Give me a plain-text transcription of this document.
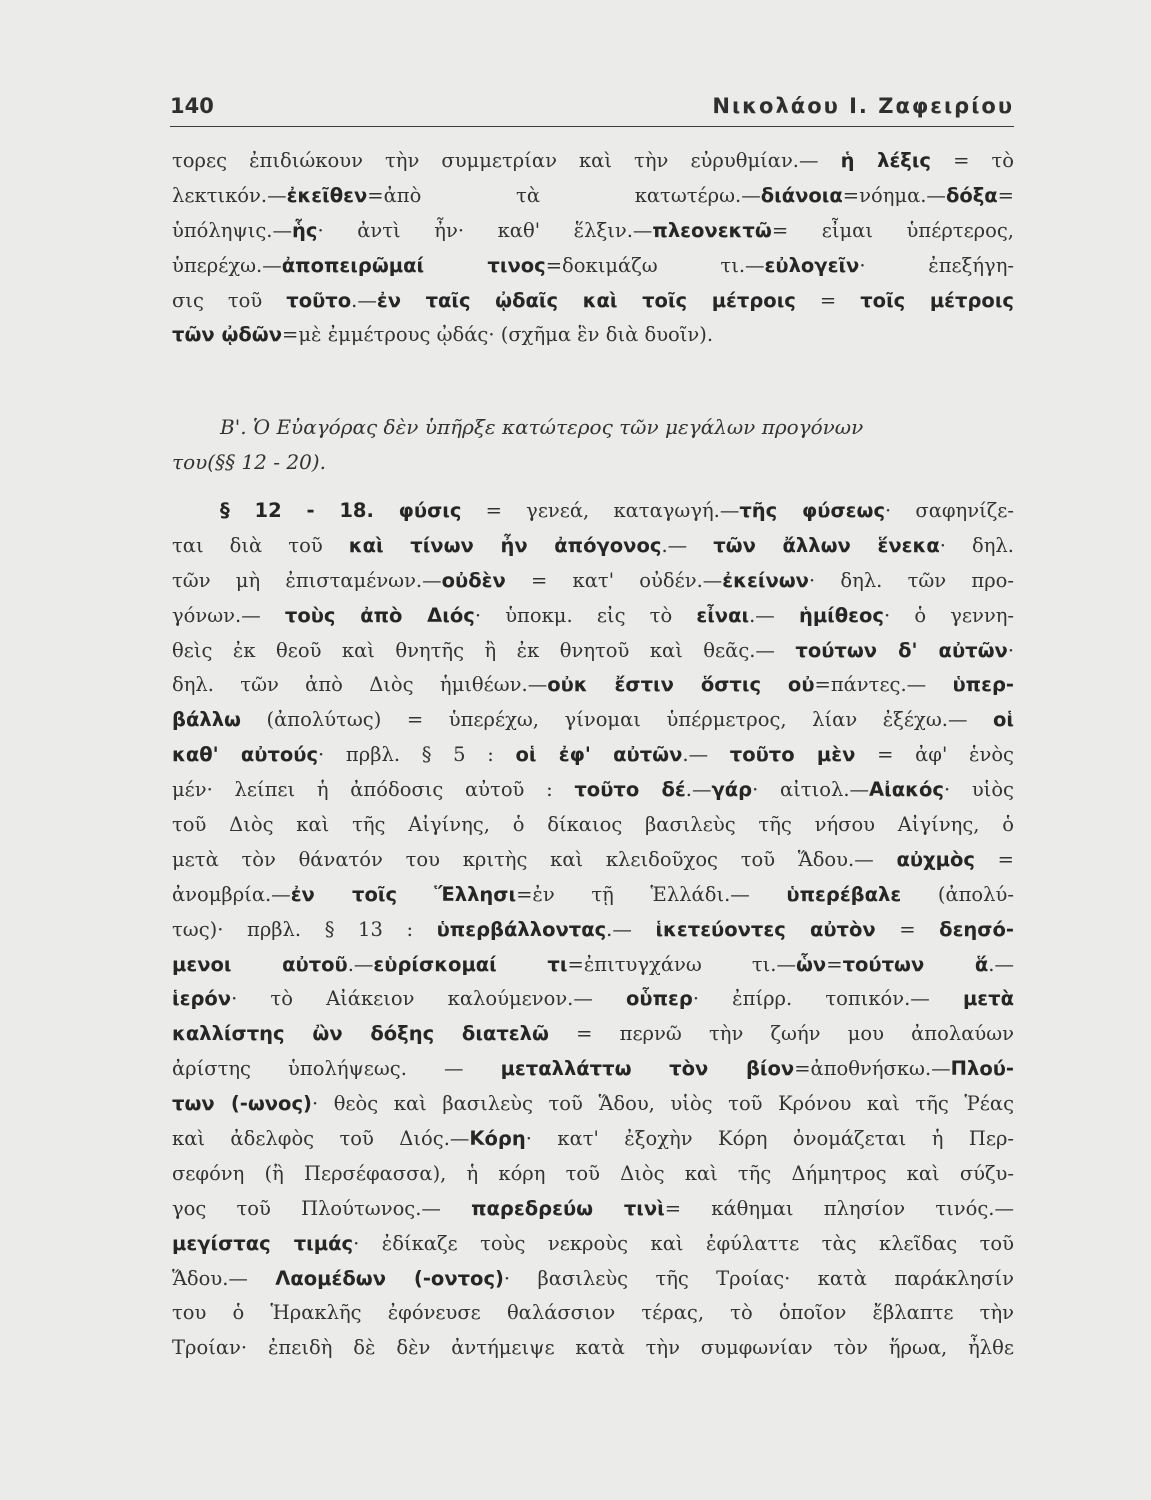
140	Νικολάου Ι. Ζαφειρίου
τορες ἐπιδιώκουν τὴν συμμετρίαν καὶ τὴν εὐρυθμίαν.— ἡ λέξις = τὸ
λεκτικόν.—ἐκεῖθεν=ἀπὸ τὰ κατωτέρω.—διάνοια=νόημα.—δόξα=
ὑπόληψις.—ἧς· ἀντὶ ἦν· καθ' ἕλξιν.—πλεονεκτῶ= εἶμαι ὑπέρτερος,
ὑπερέχω.—ἀποπειρῶμαί τινος=δοκιμάζω τι.—εὐλογεῖν· ἐπεξήγη-
σις τοῦ τοῦτο.—ἐν ταῖς ᾠδαῖς καὶ τοῖς μέτροις = τοῖς μέτροις
τῶν ᾠδῶν=μὲ ἐμμέτρους ᾠδάς· (σχῆμα ἓν διὰ δυοῖν).
Β'. Ὁ Εὐαγόρας δὲν ὑπῆρξε κατώτερος τῶν μεγάλων προγόνων
του(§§ 12 - 20).
§ 12 - 18. φύσις = γενεά, καταγωγή.—τῆς φύσεως· σαφηνίζε-
ται διὰ τοῦ καὶ τίνων ἦν ἀπόγονος.— τῶν ἄλλων ἕνεκα· δηλ.
τῶν μὴ ἐπισταμένων.—οὐδὲν = κατ' οὐδέν.—ἐκείνων· δηλ. τῶν προ-
γόνων.— τοὺς ἀπὸ Διός· ὑποκμ. εἰς τὸ εἶναι.— ἡμίθεος· ὁ γεννη-
θεὶς ἐκ θεοῦ καὶ θνητῆς ἢ ἐκ θνητοῦ καὶ θεᾶς.— τούτων δ' αὐτῶν·
δηλ. τῶν ἀπὸ Διὸς ἡμιθέων.—οὐκ ἔστιν ὅστις οὐ=πάντες.— ὑπερ-
βάλλω (ἀπολύτως) = ὑπερέχω, γίνομαι ὑπέρμετρος, λίαν ἐξέχω.— οἱ
καθ' αὐτούς· πρβλ. § 5 : οἱ ἐφ' αὐτῶν.— τοῦτο μὲν = ἀφ' ἑνὸς
μέν· λείπει ἡ ἀπόδοσις αὐτοῦ : τοῦτο δέ.—γάρ· αἰτιολ.—Αἰακός· υἱὸς
τοῦ Διὸς καὶ τῆς Αἰγίνης, ὁ δίκαιος βασιλεὺς τῆς νήσου Αἰγίνης, ὁ
μετὰ τὸν θάνατόν του κριτὴς καὶ κλειδοῦχος τοῦ Ἅδου.— αὐχμὸς =
ἀνομβρία.—ἐν τοῖς Ἕλλησι=ἐν τῇ Ἑλλάδι.— ὑπερέβαλε (ἀπολύ-
τως)· πρβλ. § 13 : ὑπερβάλλοντας.— ἱκετεύοντες αὐτὸν = δεησό-
μενοι αὐτοῦ.—εὑρίσκομαί τι=ἐπιτυγχάνω τι.—ὧν=τούτων ἅ.—
ἱερόν· τὸ Αἰάκειον καλούμενον.— οὗπερ· ἐπίρρ. τοπικόν.— μετὰ
καλλίστης ὢν δόξης διατελῶ = περνῶ τὴν ζωήν μου ἀπολαύων
ἀρίστης ὑπολήψεως. — μεταλλάττω τὸν βίον=ἀποθνήσκω.—Πλού-
των (-ωνος)· θεὸς καὶ βασιλεὺς τοῦ Ἅδου, υἱὸς τοῦ Κρόνου καὶ τῆς Ῥέας
καὶ ἀδελφὸς τοῦ Διός.—Κόρη· κατ' ἐξοχὴν Κόρη ὀνομάζεται ἡ Περ-
σεφόνη (ἢ Περσέφασσα), ἡ κόρη τοῦ Διὸς καὶ τῆς Δήμητρος καὶ σύζυ-
γος τοῦ Πλούτωνος.— παρεδρεύω τινὶ= κάθημαι πλησίον τινός.—
μεγίστας τιμάς· ἐδίκαζε τοὺς νεκροὺς καὶ ἐφύλαττε τὰς κλεῖδας τοῦ
Ἅδου.— Λαομέδων (-οντος)· βασιλεὺς τῆς Τροίας· κατὰ παράκλησίν
του ὁ Ἡρακλῆς ἐφόνευσε θαλάσσιον τέρας, τὸ ὁποῖον ἔβλαπτε τὴν
Τροίαν· ἐπειδὴ δὲ δὲν ἀντήμειψε κατὰ τὴν συμφωνίαν τὸν ἥρωα, ἦλθε
